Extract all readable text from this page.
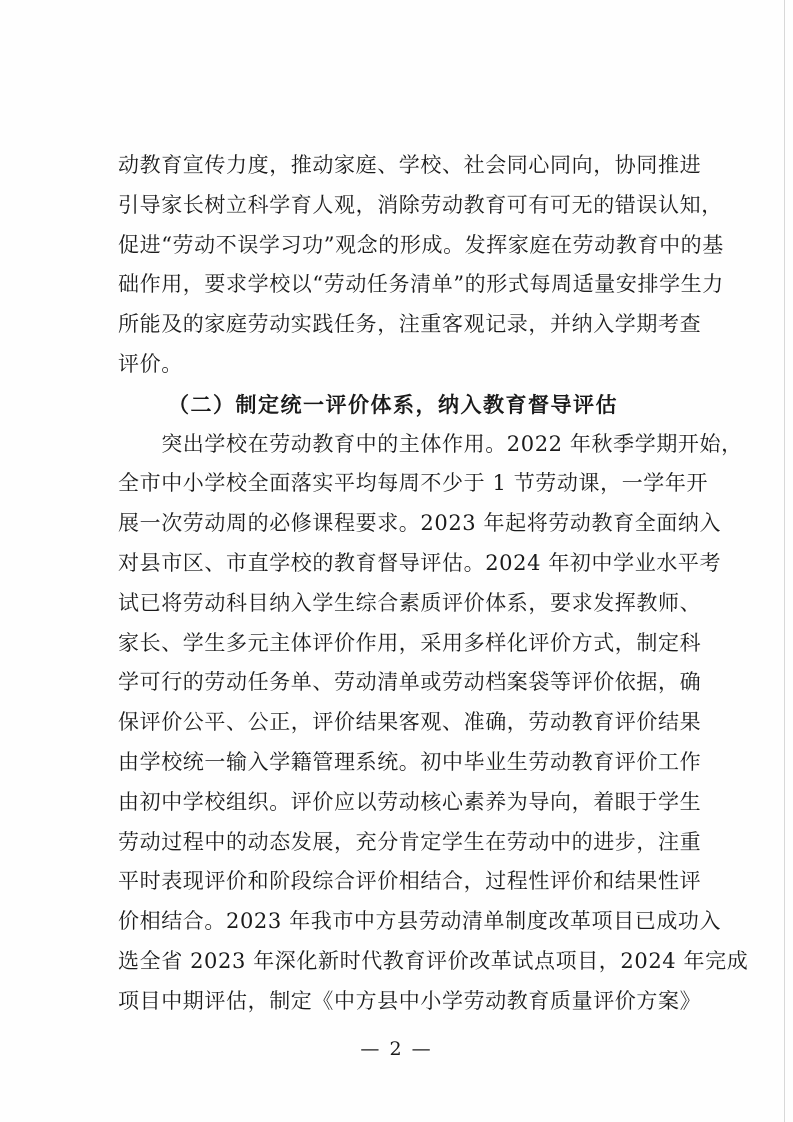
动教育宣传力度，推动家庭、学校、社会同心同向，协同推进
引导家长树立科学育人观，消除劳动教育可有可无的错误认知，
促进“劳动不误学习功”观念的形成。发挥家庭在劳动教育中的基
础作用，要求学校以“劳动任务清单”的形式每周适量安排学生力
所能及的家庭劳动实践任务，注重客观记录，并纳入学期考查
评价。
（二）制定统一评价体系，纳入教育督导评估
　　突出学校在劳动教育中的主体作用。2022 年秋季学期开始，
全市中小学校全面落实平均每周不少于 1 节劳动课，一学年开
展一次劳动周的必修课程要求。2023 年起将劳动教育全面纳入
对县市区、市直学校的教育督导评估。2024 年初中学业水平考
试已将劳动科目纳入学生综合素质评价体系，要求发挥教师、
家长、学生多元主体评价作用，采用多样化评价方式，制定科
学可行的劳动任务单、劳动清单或劳动档案袋等评价依据，确
保评价公平、公正，评价结果客观、准确，劳动教育评价结果
由学校统一输入学籍管理系统。初中毕业生劳动教育评价工作
由初中学校组织。评价应以劳动核心素养为导向，着眼于学生
劳动过程中的动态发展，充分肯定学生在劳动中的进步，注重
平时表现评价和阶段综合评价相结合，过程性评价和结果性评
价相结合。2023 年我市中方县劳动清单制度改革项目已成功入
选全省 2023 年深化新时代教育评价改革试点项目，2024 年完成
项目中期评估，制定《中方县中小学劳动教育质量评价方案》
— 2 —
